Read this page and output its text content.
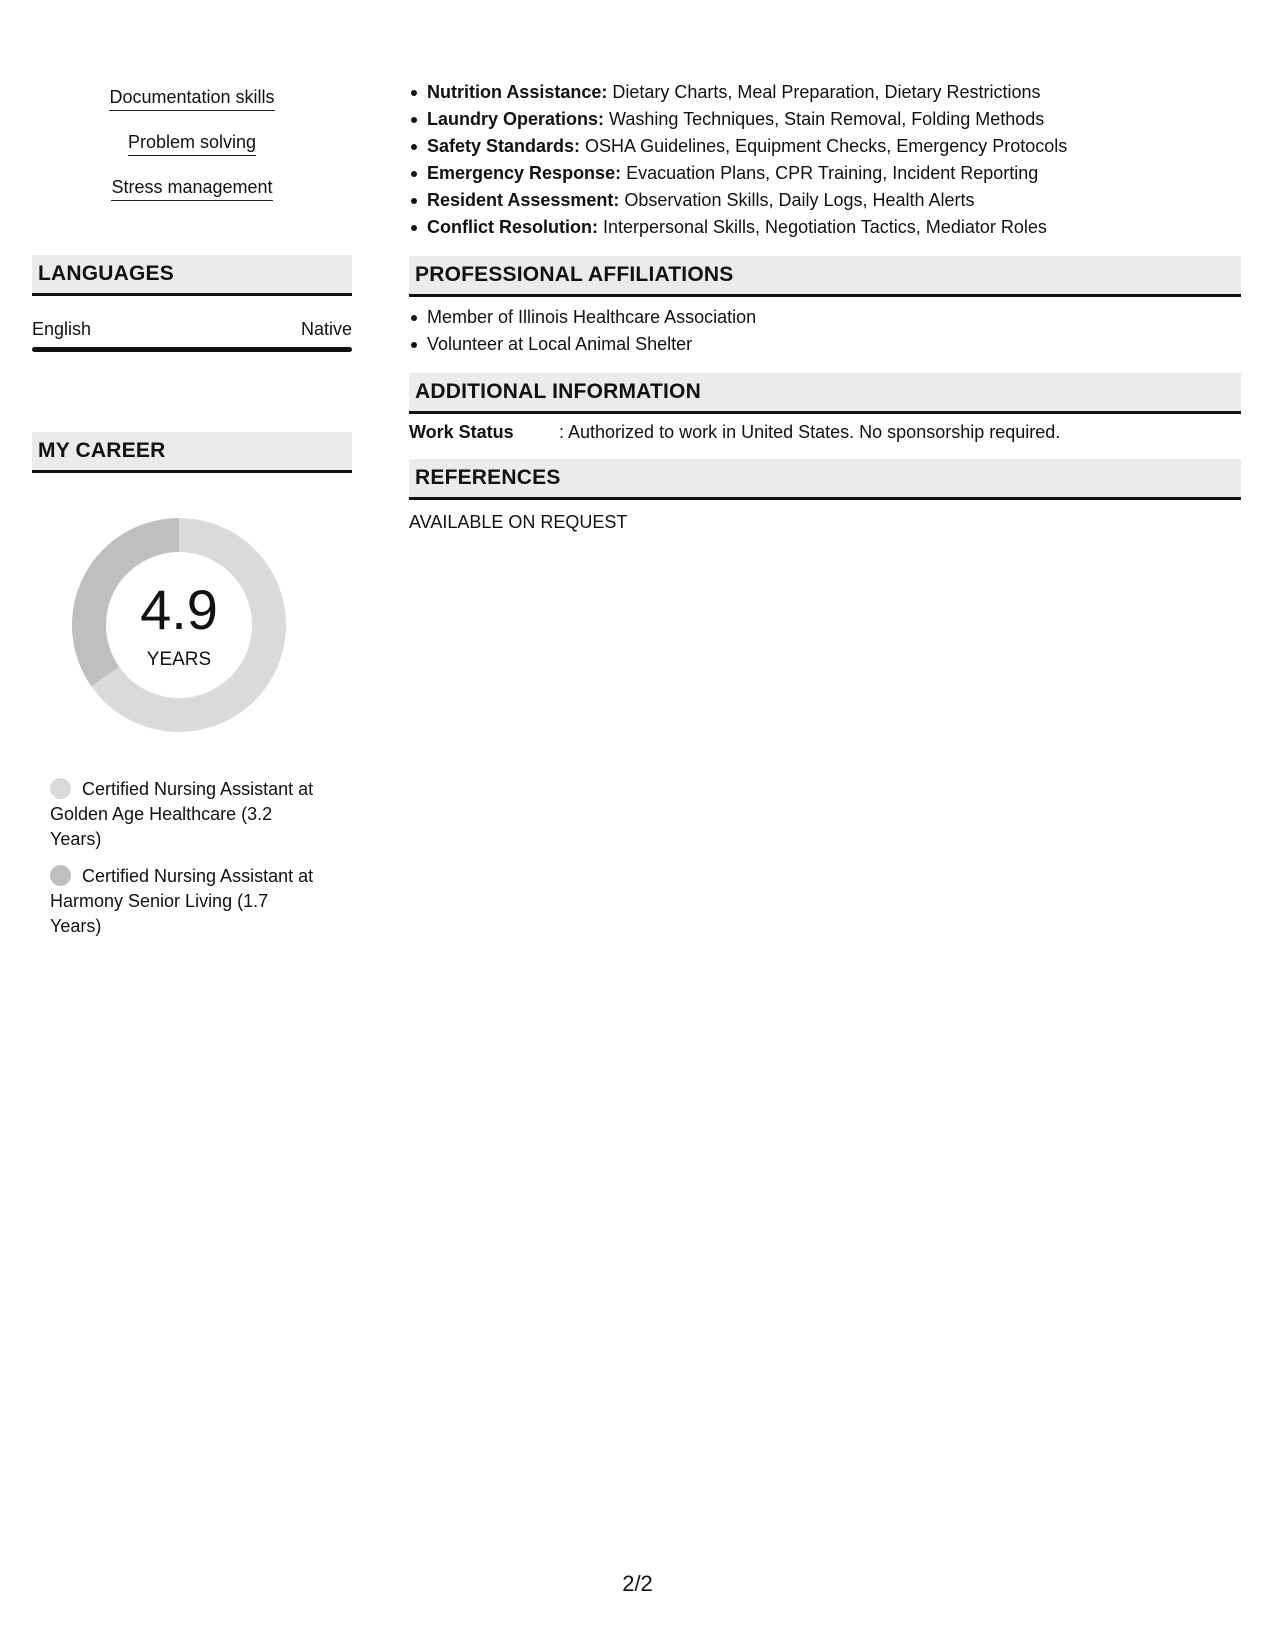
Documentation skills
Problem solving
Stress management
LANGUAGES
English	Native
MY CAREER
4.9
YEARS
Certified Nursing Assistant at Golden Age Healthcare (3.2 Years)
Certified Nursing Assistant at Harmony Senior Living (1.7 Years)
Nutrition Assistance: Dietary Charts, Meal Preparation, Dietary Restrictions
Laundry Operations: Washing Techniques, Stain Removal, Folding Methods
Safety Standards: OSHA Guidelines, Equipment Checks, Emergency Protocols
Emergency Response: Evacuation Plans, CPR Training, Incident Reporting
Resident Assessment: Observation Skills, Daily Logs, Health Alerts
Conflict Resolution: Interpersonal Skills, Negotiation Tactics, Mediator Roles
PROFESSIONAL AFFILIATIONS
Member of Illinois Healthcare Association
Volunteer at Local Animal Shelter
ADDITIONAL INFORMATION
Work Status	: Authorized to work in United States. No sponsorship required.
REFERENCES
AVAILABLE ON REQUEST
2/2
